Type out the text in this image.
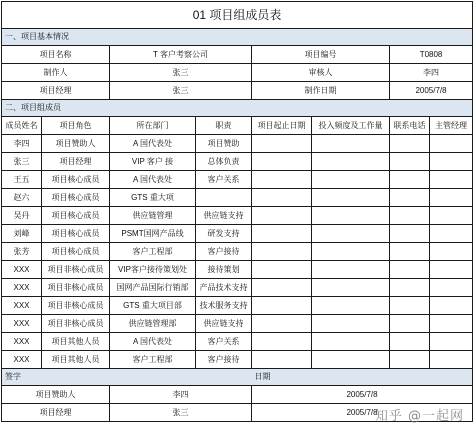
01 项目组成员表							
一、项目基本情况							
项目名称		T 客户考察公司		项目编号		T0808	
制作人		张三		审核人		李四	
项目经理		张三		制作日期		2005/7/8	
二、项目组成员							
成员姓名	项目角色	所在部门	职责	项目起止日期	投入频度及工作量	联系电话	主管经理
李四	项目赞助人	A 国代表处	项目赞助				
张三	项目经理	VIP 客户 接	总体负责				
王五	项目核心成员	A 国代表处	客户关系				
赵六	项目核心成员	GTS 重大项					
吴丹	项目核心成员	供应链管理	供应链支持				
刘峰	项目核心成员	PSMT国网产品线	研发支持				
张芳	项目核心成员	客户工程部	客户接待				
XXX	项目非核心成员	VIP客户接待策划处	接待策划				
XXX	项目非核心成员	国网产品国际行销部	产品技术支持				
XXX	项目非核心成员	GTS 重大项目部	技术服务支持				
XXX	项目非核心成员	供应链管理部	供应链支持				
XXX	项目其他人员	A 国代表处	客户关系				
XXX	项目其他人员	客户工程部	客户接待				
签字				日期			
项目赞助人		李四		2005/7/8			
项目经理		张三		2005/7/8			
知乎 @一起网
